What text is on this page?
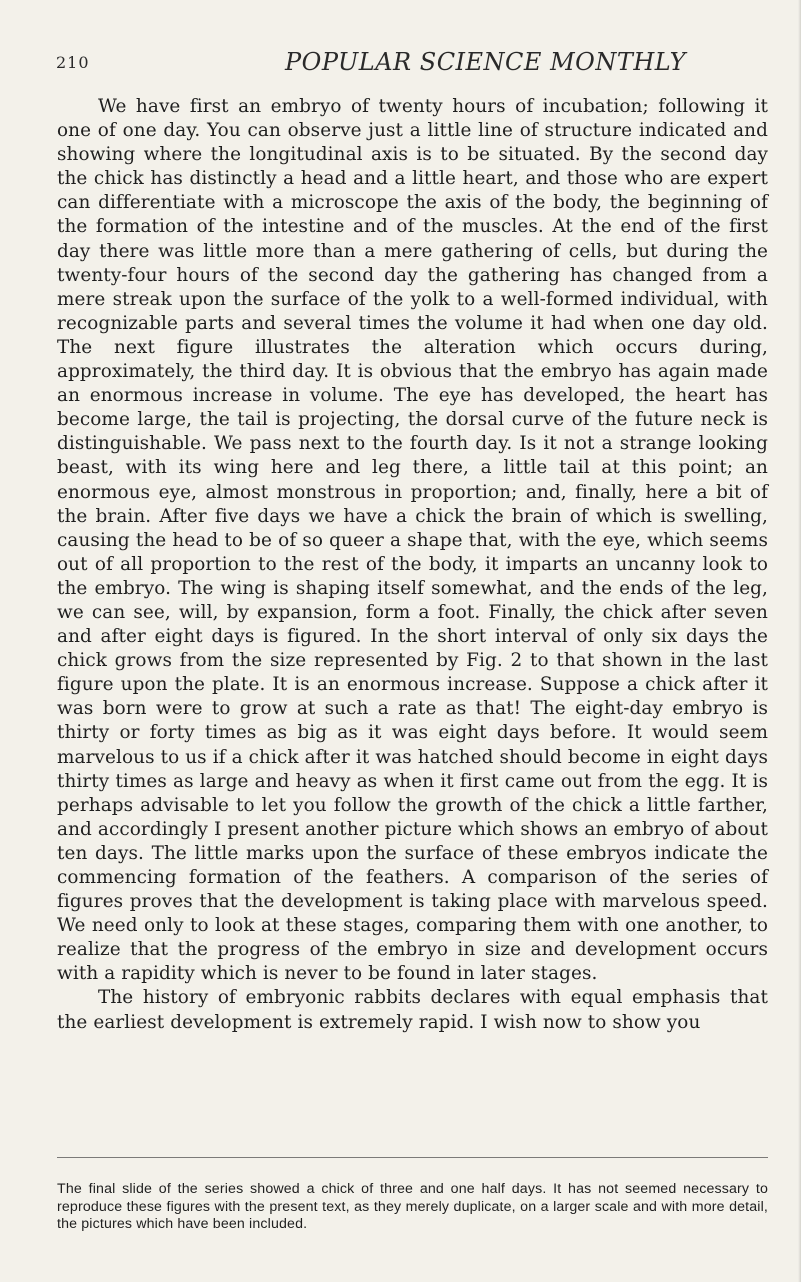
210	POPULAR SCIENCE MONTHLY

We have first an embryo of twenty hours of incubation; following it one of one day. You can observe just a little line of structure indicated and showing where the longitudinal axis is to be situated. By the second day the chick has distinctly a head and a little heart, and those who are expert can differentiate with a microscope the axis of the body, the beginning of the formation of the intestine and of the muscles. At the end of the first day there was little more than a mere gathering of cells, but during the twenty-four hours of the second day the gathering has changed from a mere streak upon the surface of the yolk to a well-formed individual, with recognizable parts and several times the volume it had when one day old. The next figure illustrates the alteration which occurs during, approximately, the third day. It is obvious that the embryo has again made an enormous increase in volume. The eye has developed, the heart has become large, the tail is projecting, the dorsal curve of the future neck is distinguishable. We pass next to the fourth day. Is it not a strange looking beast, with its wing here and leg there, a little tail at this point; an enormous eye, almost monstrous in proportion; and, finally, here a bit of the brain. After five days we have a chick the brain of which is swelling, causing the head to be of so queer a shape that, with the eye, which seems out of all proportion to the rest of the body, it imparts an uncanny look to the embryo. The wing is shaping itself somewhat, and the ends of the leg, we can see, will, by expansion, form a foot. Finally, the chick after seven and after eight days is figured. In the short interval of only six days the chick grows from the size represented by Fig. 2 to that shown in the last figure upon the plate. It is an enormous increase. Suppose a chick after it was born were to grow at such a rate as that! The eight-day embryo is thirty or forty times as big as it was eight days before. It would seem marvelous to us if a chick after it was hatched should become in eight days thirty times as large and heavy as when it first came out from the egg. It is perhaps advisable to let you follow the growth of the chick a little farther, and accordingly I present another picture which shows an embryo of about ten days. The little marks upon the surface of these embryos indicate the commencing formation of the feathers. A comparison of the series of figures proves that the development is taking place with marvelous speed. We need only to look at these stages, comparing them with one another, to realize that the progress of the embryo in size and development occurs with a rapidity which is never to be found in later stages.

The history of embryonic rabbits declares with equal emphasis that the earliest development is extremely rapid. I wish now to show you

The final slide of the series showed a chick of three and one half days. It has not seemed necessary to reproduce these figures with the present text, as they merely duplicate, on a larger scale and with more detail, the pictures which have been included.
